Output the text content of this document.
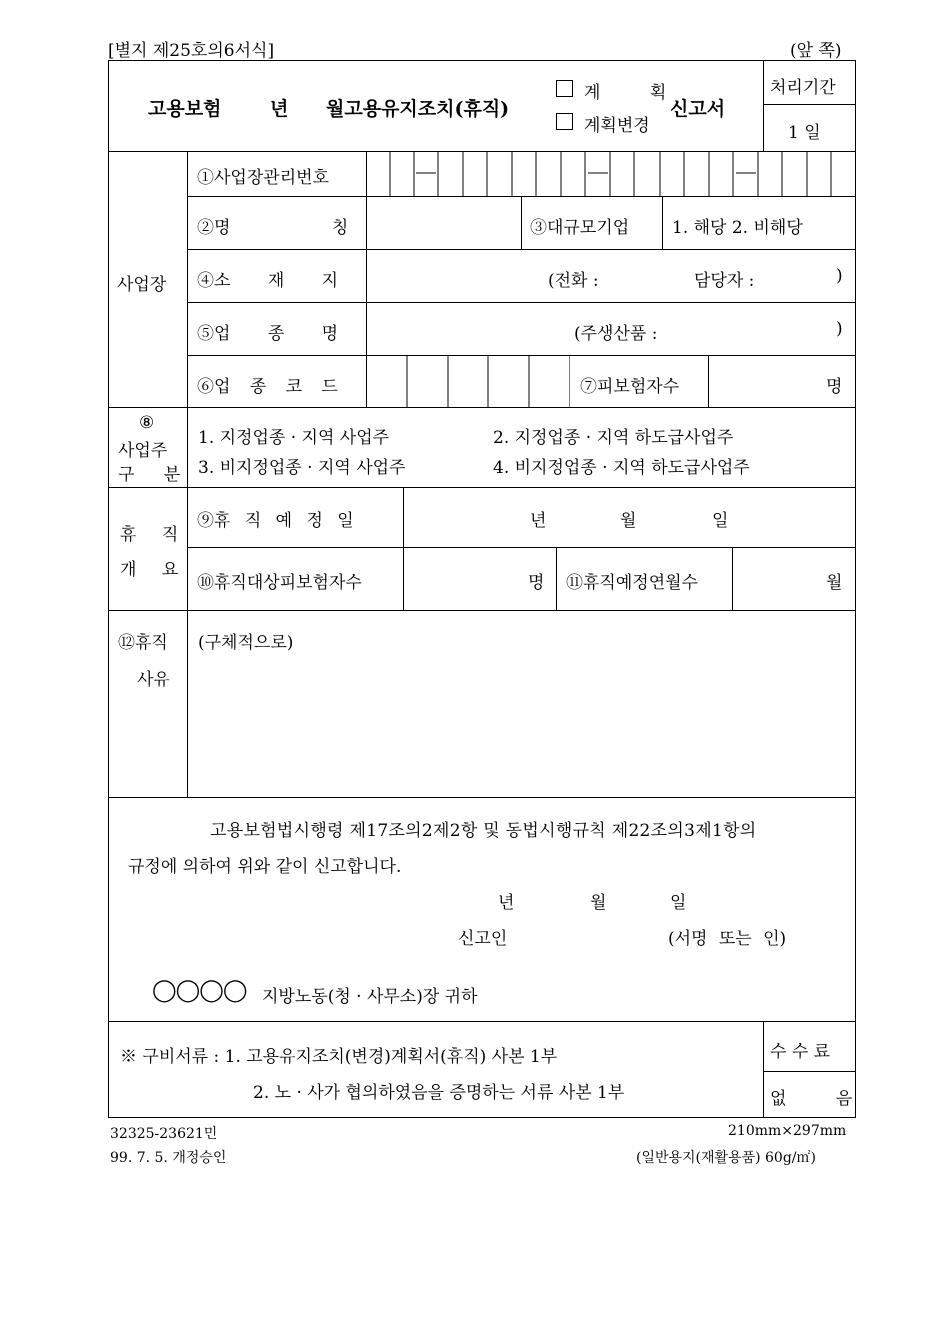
[별지 제25호의6서식]	(앞 쪽)
고용보험	년 월고용유지조치(휴직)
계 획
계획변경
신고서
처리기간
1 일
사업장
①사업장관리번호
②명 칭	③대규모기업	1. 해당 2. 비해당
④소 재 지	(전화 :	담당자 :	)
⑤업 종 명	(주생산품 :	)
⑥업 종 코 드	⑦피보험자수	명
⑧
사업주
구 분
1. 지정업종 · 지역 사업주	2. 지정업종 · 지역 하도급사업주
3. 비지정업종 · 지역 사업주	4. 비지정업종 · 지역 하도급사업주
휴 직
개 요
⑨휴 직 예 정 일	년	월	일
⑩휴직대상피보험자수	명 ⑪휴직예정연월수	월
⑫휴직
사유
(구체적으로)
고용보험법시행령 제17조의2제2항 및 동법시행규칙 제22조의3제1항의
규정에 의하여 위와 같이 신고합니다.
년	월	일
신고인	(서명 또는 인)
◯◯◯◯ 지방노동(청 · 사무소)장 귀하
※ 구비서류 : 1. 고용유지조치(변경)계획서(휴직) 사본 1부
2. 노 · 사가 협의하였음을 증명하는 서류 사본 1부
수 수 료
없 음
32325-23621민	210mm×297mm
99. 7. 5. 개정승인	(일반용지(재활용품) 60g/㎡)
